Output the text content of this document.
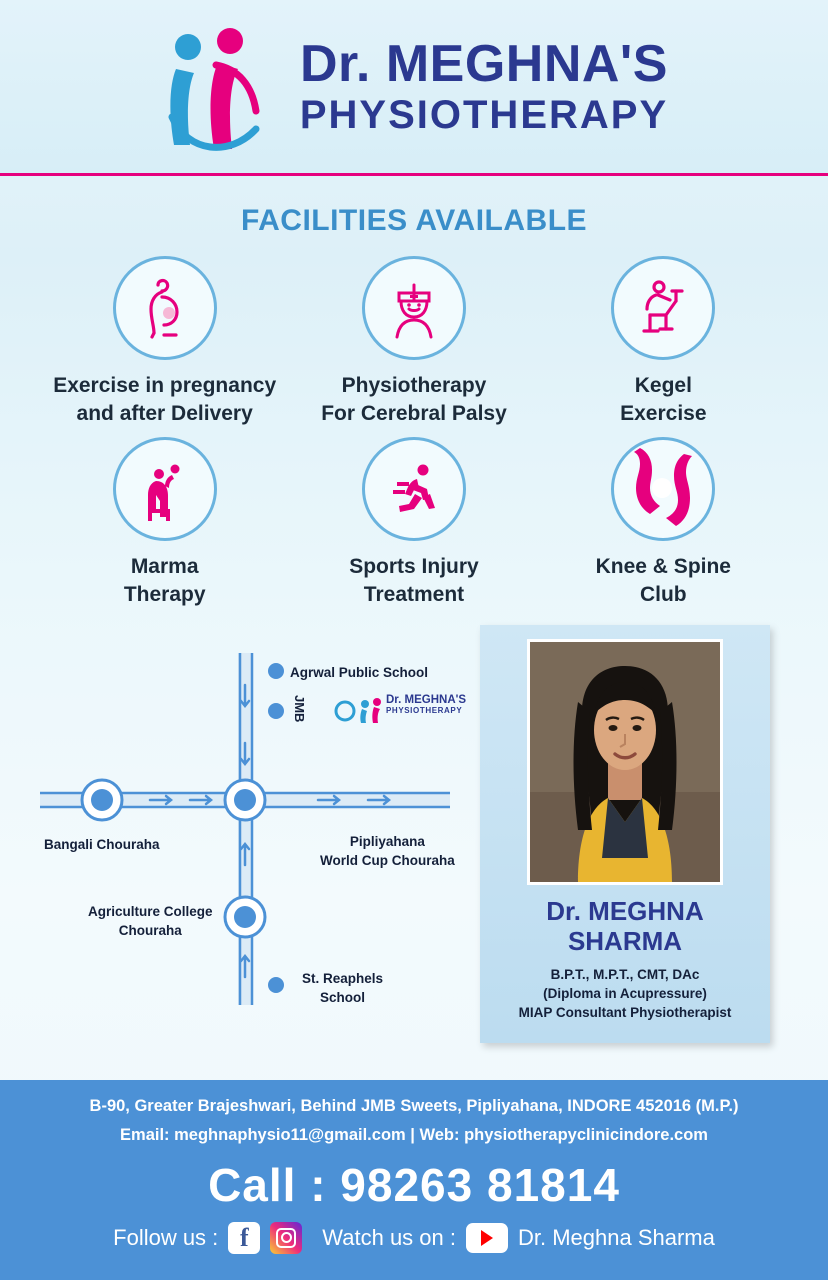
Dr. MEGHNA'S
PHYSIOTHERAPY
FACILITIES AVAILABLE
Exercise in pregnancy
and after Delivery
Physiotherapy
For Cerebral Palsy
Kegel
Exercise
Marma
Therapy
Sports Injury
Treatment
Knee & Spine
Club
Agrwal Public School
JMB	Dr. MEGHNA'S
PHYSIOTHERAPY
Bangali Chouraha	Pipliyahana
World Cup Chouraha
Agriculture College
Chouraha
St. Reaphels
School
Dr. MEGHNA
SHARMA
B.P.T., M.P.T., CMT, DAc
(Diploma in Acupressure)
MIAP Consultant Physiotherapist
B-90, Greater Brajeshwari, Behind JMB Sweets, Pipliyahana, INDORE 452016 (M.P.)
Email: meghnaphysio11@gmail.com | Web: physiotherapyclinicindore.com
Call : 98263 81814
Follow us : f	Watch us on :	Dr. Meghna Sharma
